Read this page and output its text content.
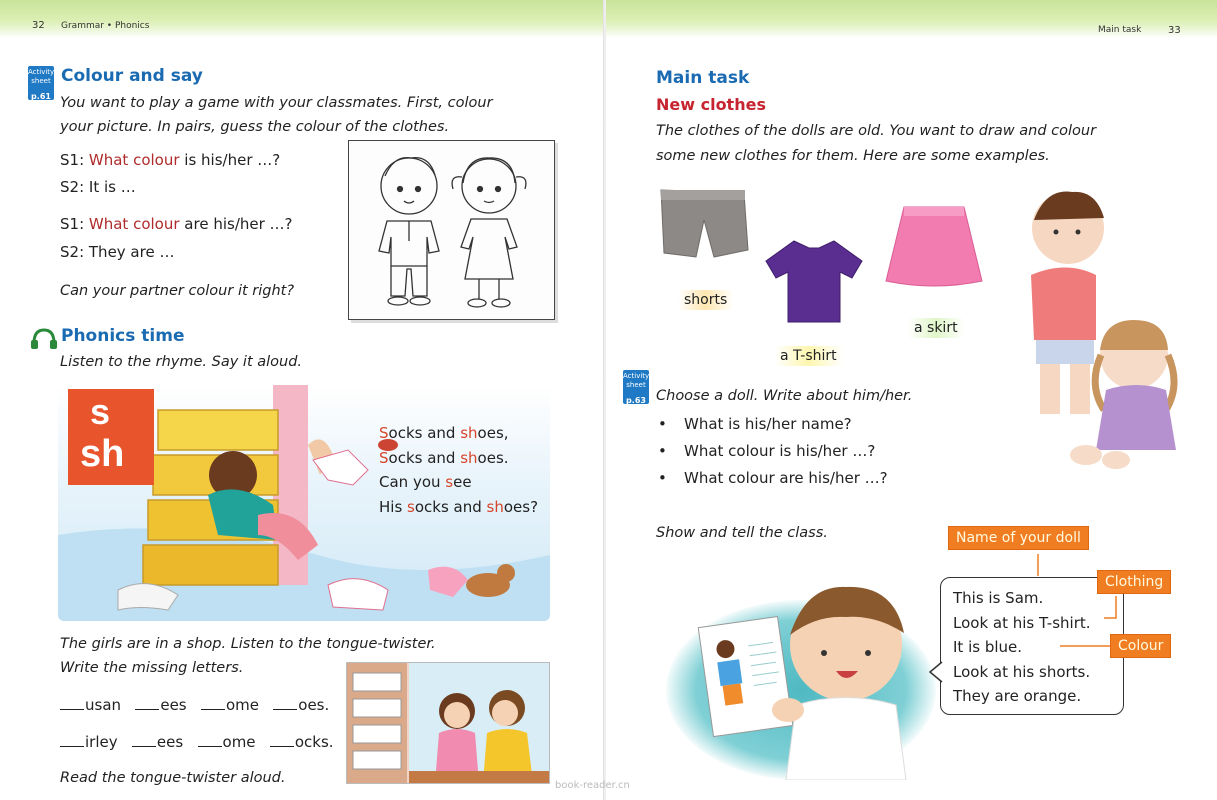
32 Grammar • Phonics
Activity sheet
p.61
Colour and say
You want to play a game with your classmates. First, colour
your picture. In pairs, guess the colour of the clothes.
S1: What colour is his/her …?
S2: It is …
S1: What colour are his/her …?
S2: They are …
Can your partner colour it right?
Phonics time
Listen to the rhyme. Say it aloud.
s
sh	Socks and shoes,
Socks and shoes.
Can you see
His socks and shoes?
The girls are in a shop. Listen to the tongue-twister.
Write the missing letters.
usan	ees	ome	oes.
irley	ees	ome	ocks.
Read the tongue-twister aloud.
Main task	33
Main task
New clothes
The clothes of the dolls are old. You want to draw and colour
some new clothes for them. Here are some examples.
shorts
a T-shirt
a skirt
Activity sheet
p.63 Choose a doll. Write about him/her.
• What is his/her name?
• What colour is his/her …?
• What colour are his/her …?
Show and tell the class.
This is Sam.
Look at his T-shirt.
It is blue.
Look at his shorts.
They are orange.
Name of your doll
Clothing
Colour
book-reader.cn
